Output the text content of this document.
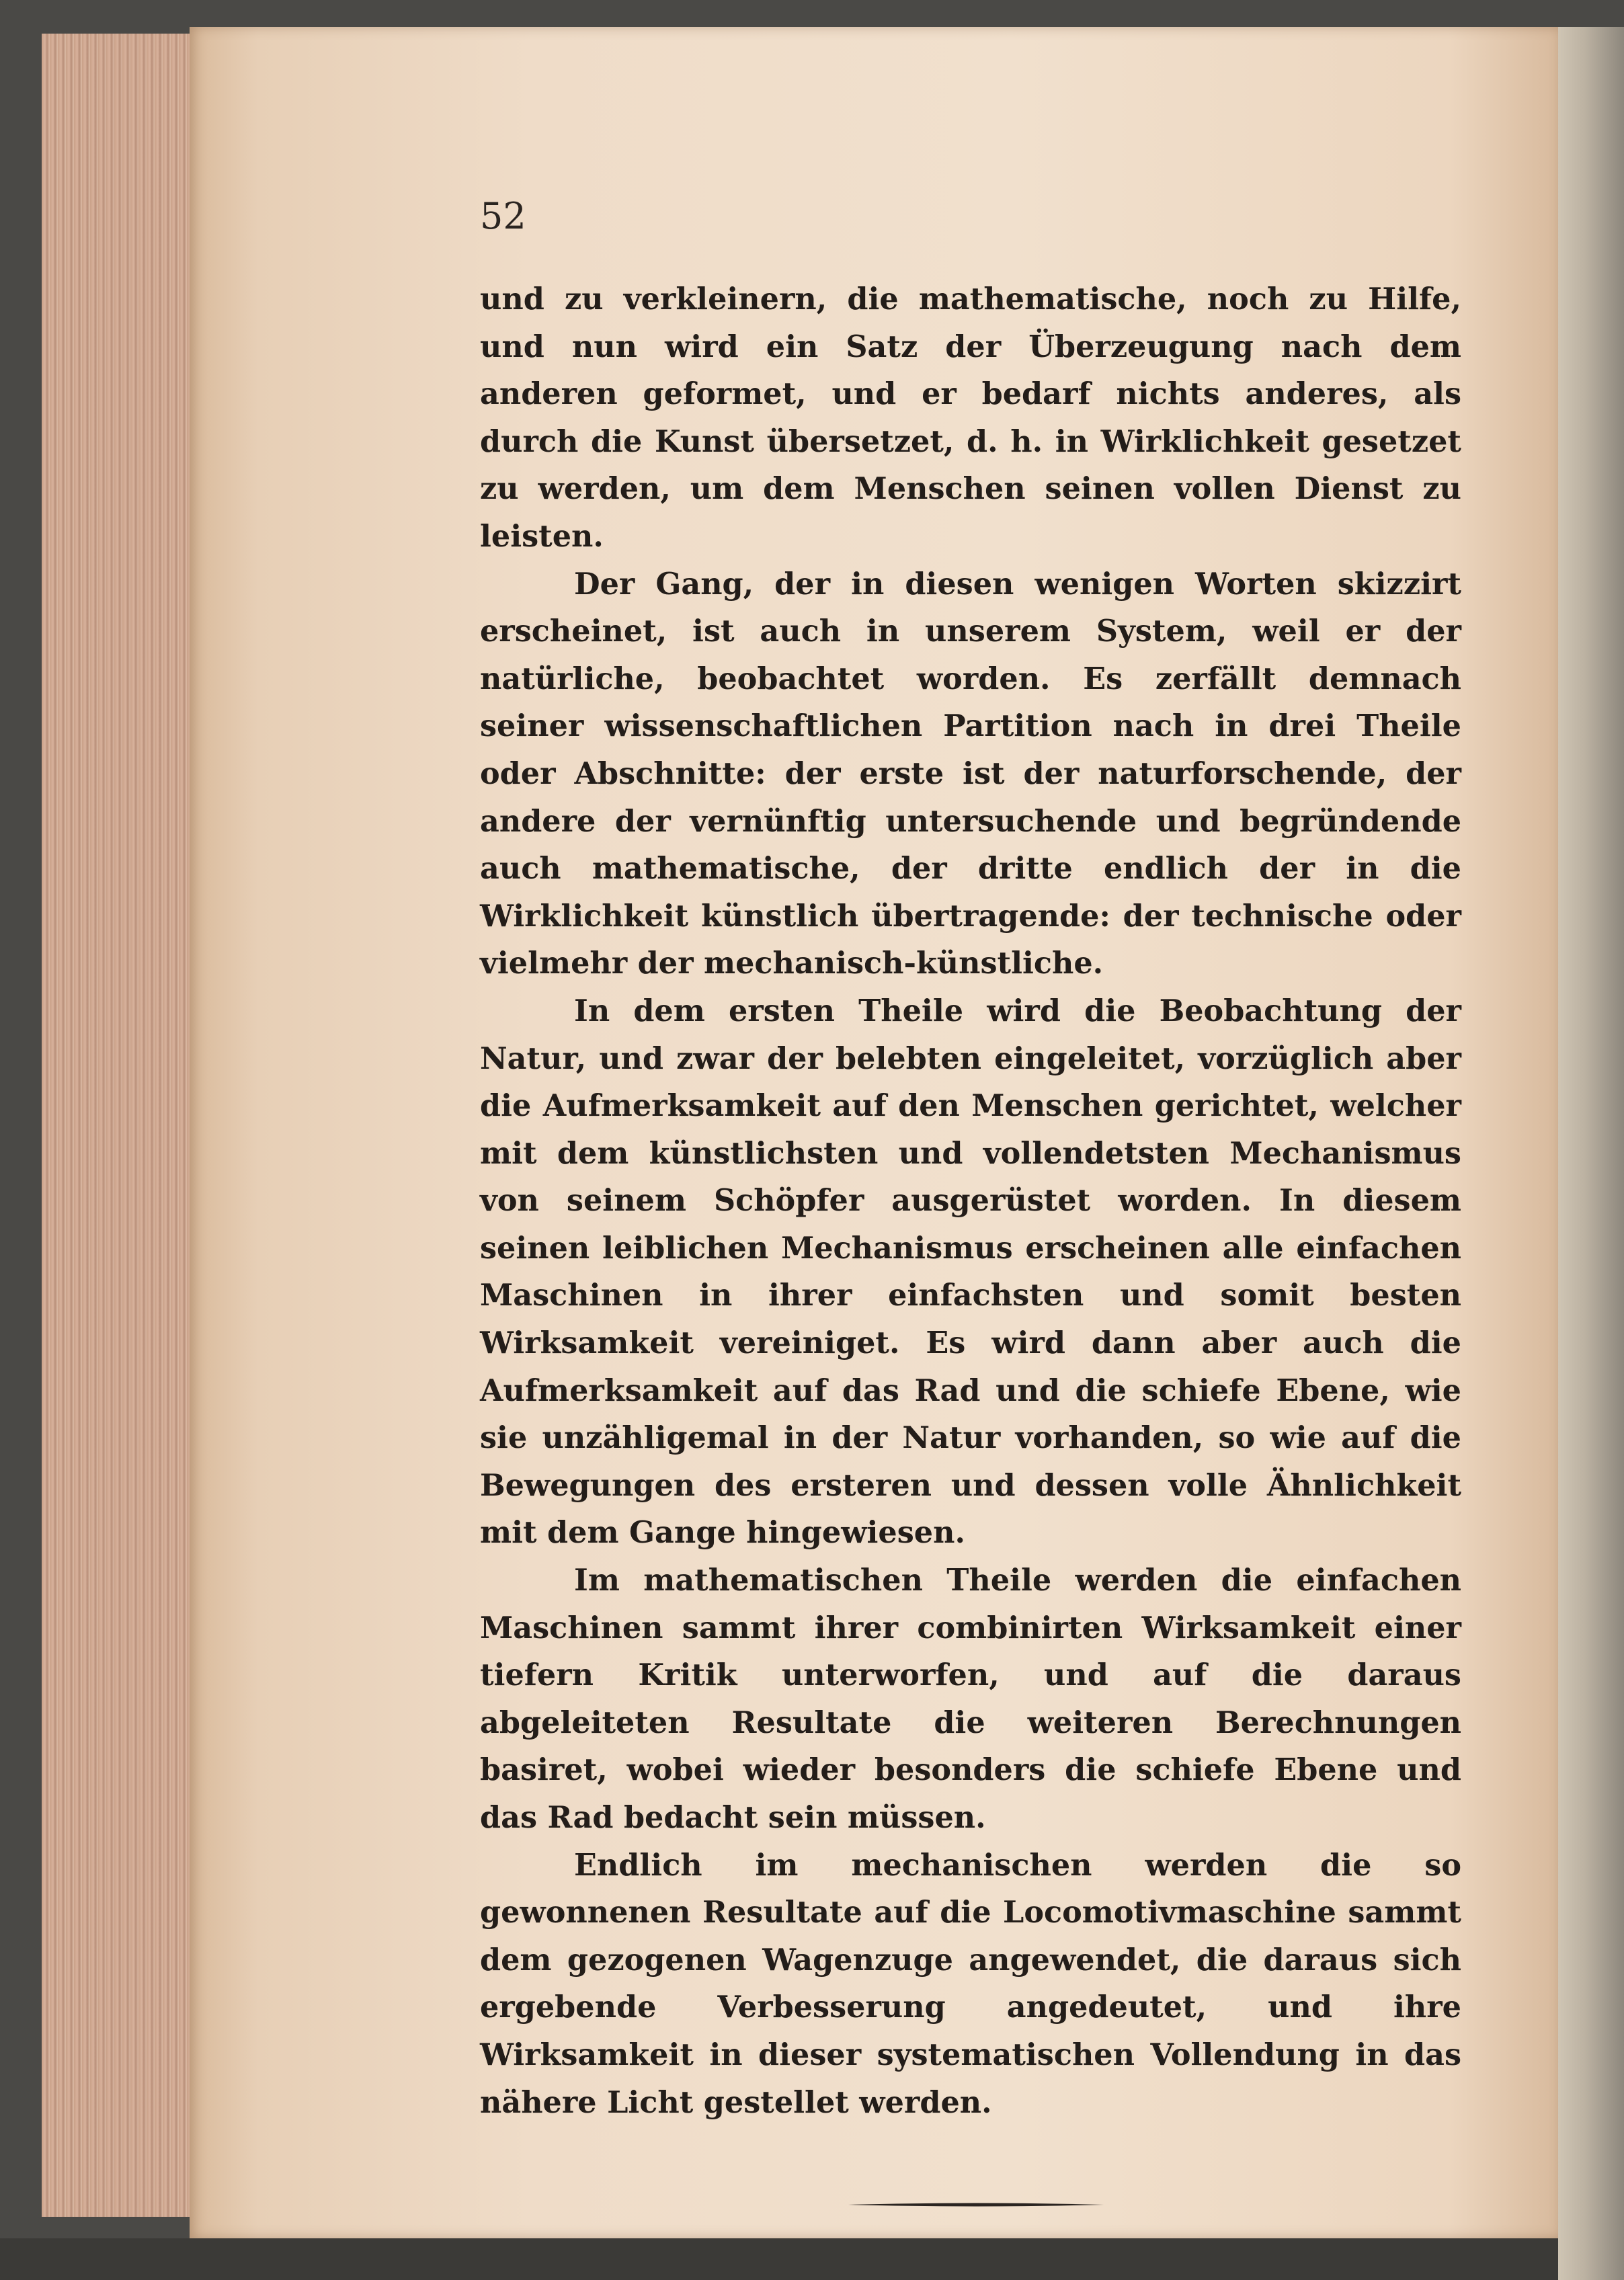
52

und zu verkleinern, die mathematische, noch zu Hilfe, und nun wird ein Satz der Überzeugung nach dem anderen geformet, und er bedarf nichts anderes, als durch die Kunst übersetzet, d. h. in Wirklichkeit gesetzet zu werden, um dem Menschen seinen vollen Dienst zu leisten.

Der Gang, der in diesen wenigen Worten skizzirt erscheinet, ist auch in unserem System, weil er der natürliche, beobachtet worden. Es zerfällt demnach seiner wissenschaftlichen Partition nach in drei Theile oder Abschnitte: der erste ist der naturforschende, der andere der vernünftig untersuchende und begründende auch mathematische, der dritte endlich der in die Wirklichkeit künstlich übertragende: der technische oder vielmehr der mechanisch-künstliche.

In dem ersten Theile wird die Beobachtung der Natur, und zwar der belebten eingeleitet, vorzüglich aber die Aufmerksamkeit auf den Menschen gerichtet, welcher mit dem künstlichsten und vollendetsten Mechanismus von seinem Schöpfer ausgerüstet worden. In diesem seinen leiblichen Mechanismus erscheinen alle einfachen Maschinen in ihrer einfachsten und somit besten Wirksamkeit vereiniget. Es wird dann aber auch die Aufmerksamkeit auf das Rad und die schiefe Ebene, wie sie unzähligemal in der Natur vorhanden, so wie auf die Bewegungen des ersteren und dessen volle Ähnlichkeit mit dem Gange hingewiesen.

Im mathematischen Theile werden die einfachen Maschinen sammt ihrer combinirten Wirksamkeit einer tiefern Kritik unterworfen, und auf die daraus abgeleiteten Resultate die weiteren Berechnungen basiret, wobei wieder besonders die schiefe Ebene und das Rad bedacht sein müssen.

Endlich im mechanischen werden die so gewonnenen Resultate auf die Locomotivmaschine sammt dem gezogenen Wagenzuge angewendet, die daraus sich ergebende Verbesserung angedeutet, und ihre Wirksamkeit in dieser systematischen Vollendung in das nähere Licht gestellet werden.
